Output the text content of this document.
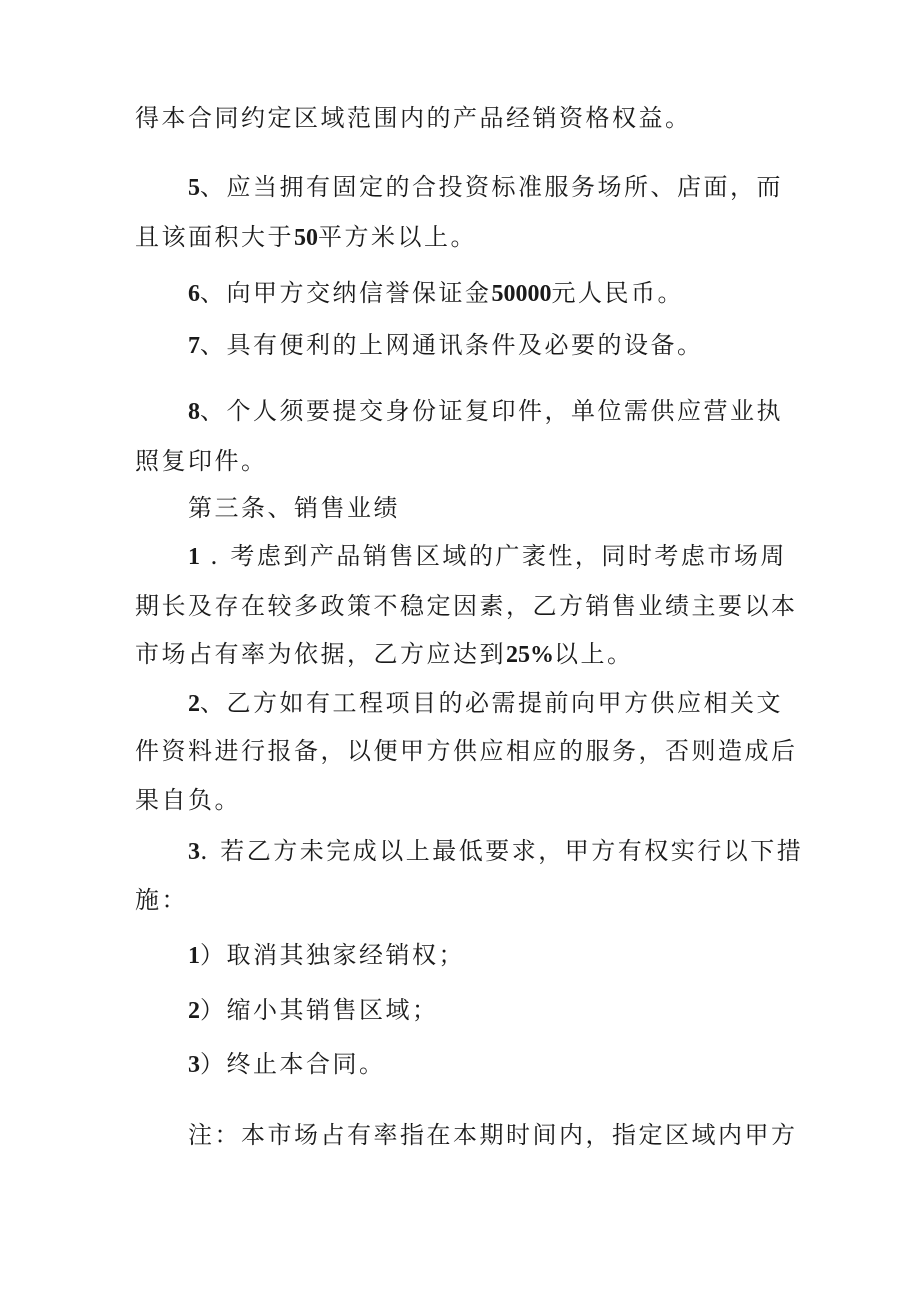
得本合同约定区域范围内的产品经销资格权益。
5、应当拥有固定的合投资标准服务场所、店面，而
且该面积大于50平方米以上。
6、向甲方交纳信誉保证金50000元人民币。
7、具有便利的上网通讯条件及必要的设备。
8、个人须要提交身份证复印件，单位需供应营业执
照复印件。
第三条、销售业绩
1 . 考虑到产品销售区域的广袤性，同时考虑市场周
期长及存在较多政策不稳定因素，乙方销售业绩主要以本
市场占有率为依据，乙方应达到25%以上。
2、乙方如有工程项目的必需提前向甲方供应相关文
件资料进行报备，以便甲方供应相应的服务，否则造成后
果自负。
3. 若乙方未完成以上最低要求，甲方有权实行以下措
施：
1）取消其独家经销权；
2）缩小其销售区域；
3）终止本合同。
注：本市场占有率指在本期时间内，指定区域内甲方
